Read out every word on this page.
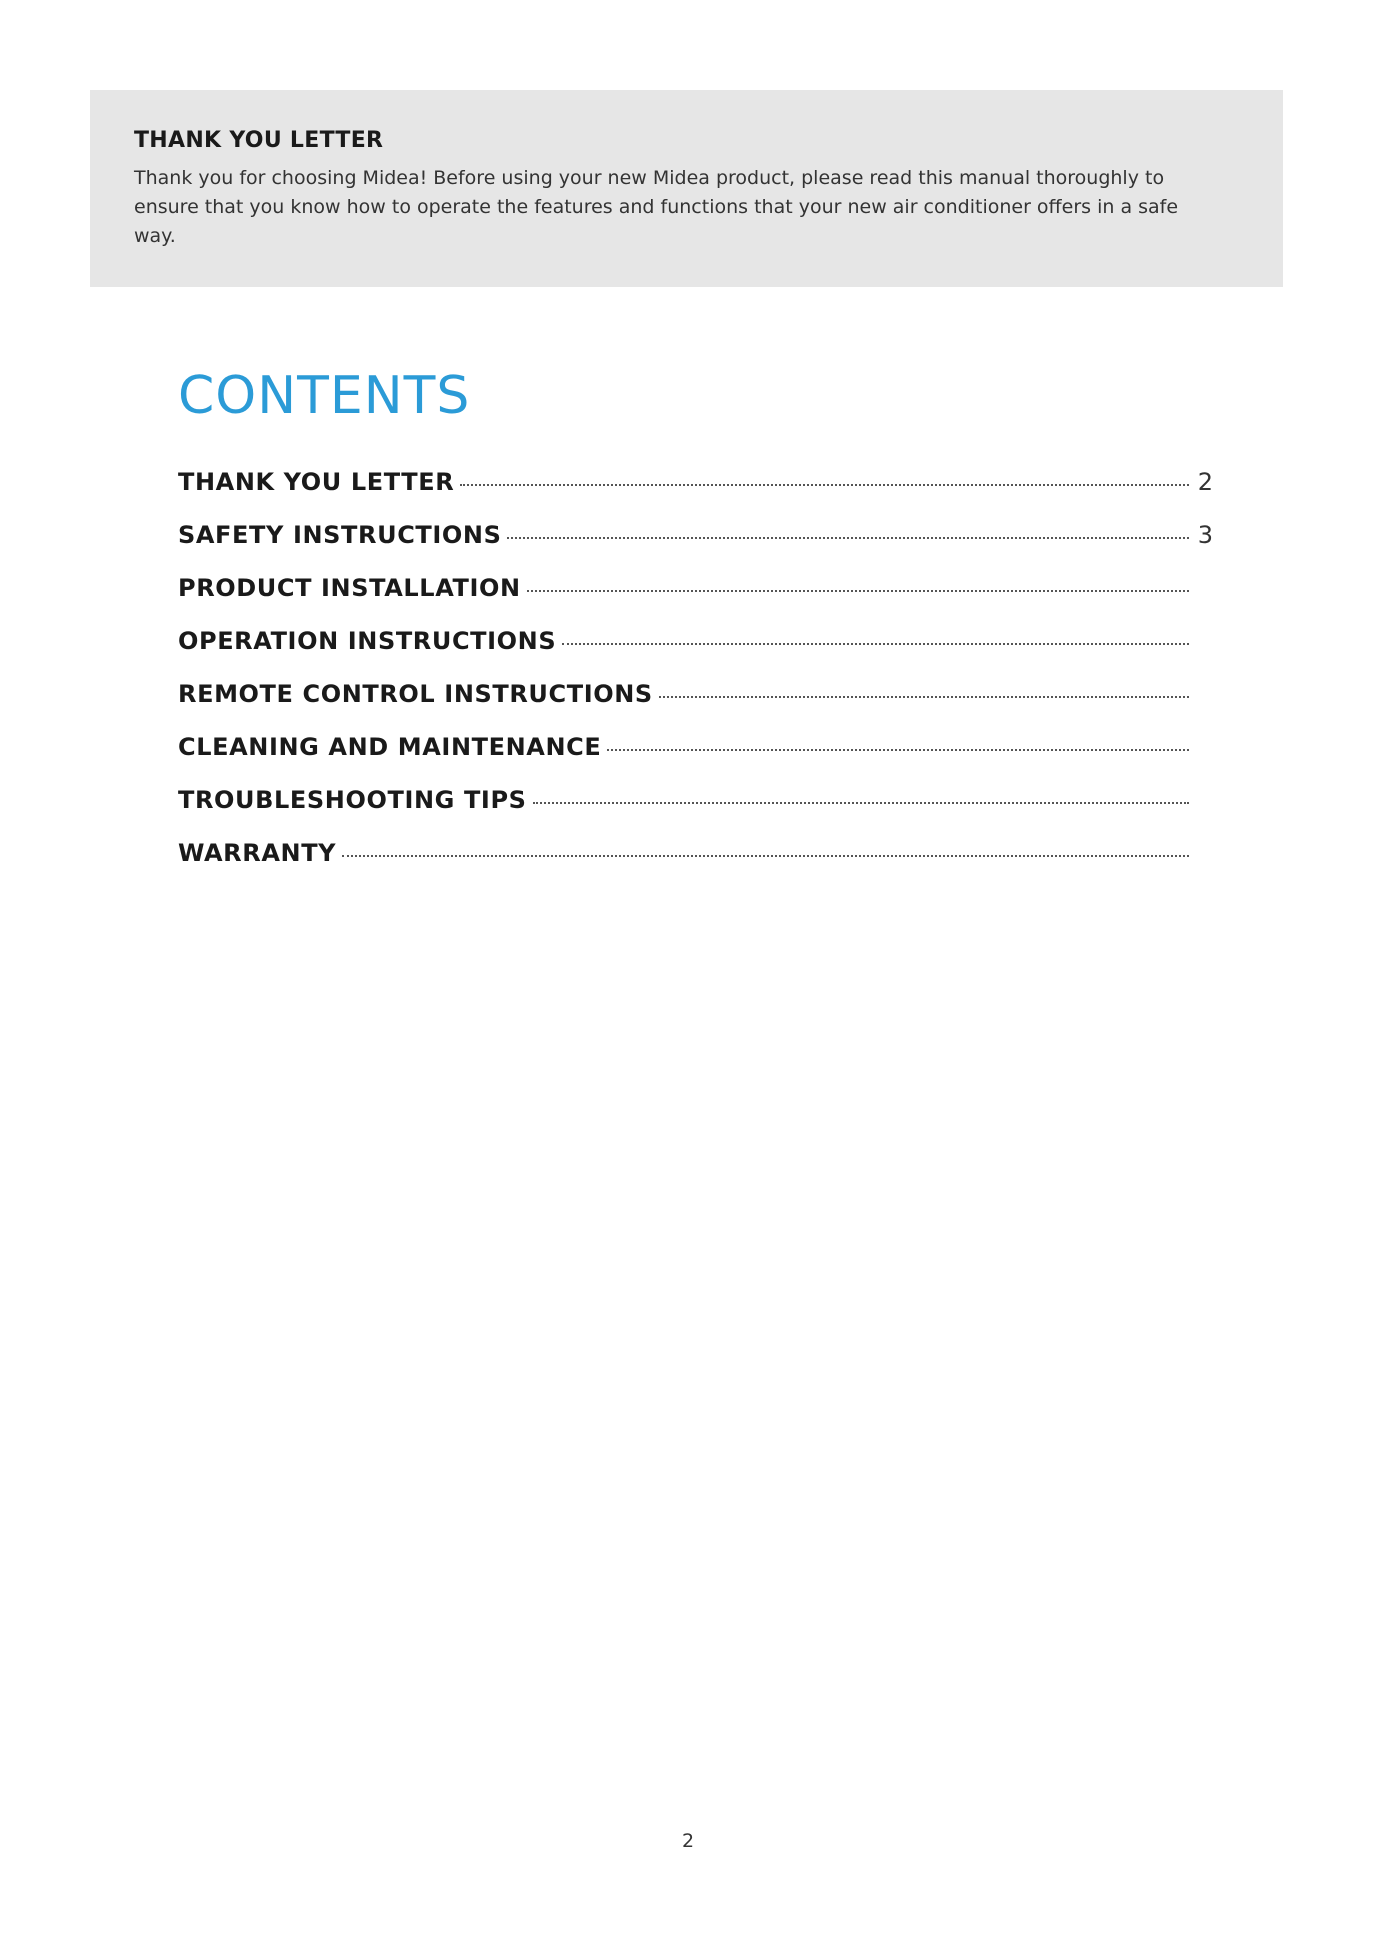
THANK YOU LETTER

Thank you for choosing Midea! Before using your new Midea product, please read this manual thoroughly to ensure that you know how to operate the features and functions that your new air conditioner offers in a safe way.

CONTENTS
THANK YOU LETTER	2
SAFETY INSTRUCTIONS	3
PRODUCT INSTALLATION
OPERATION INSTRUCTIONS
REMOTE CONTROL INSTRUCTIONS
CLEANING AND MAINTENANCE
TROUBLESHOOTING TIPS
WARRANTY
2
